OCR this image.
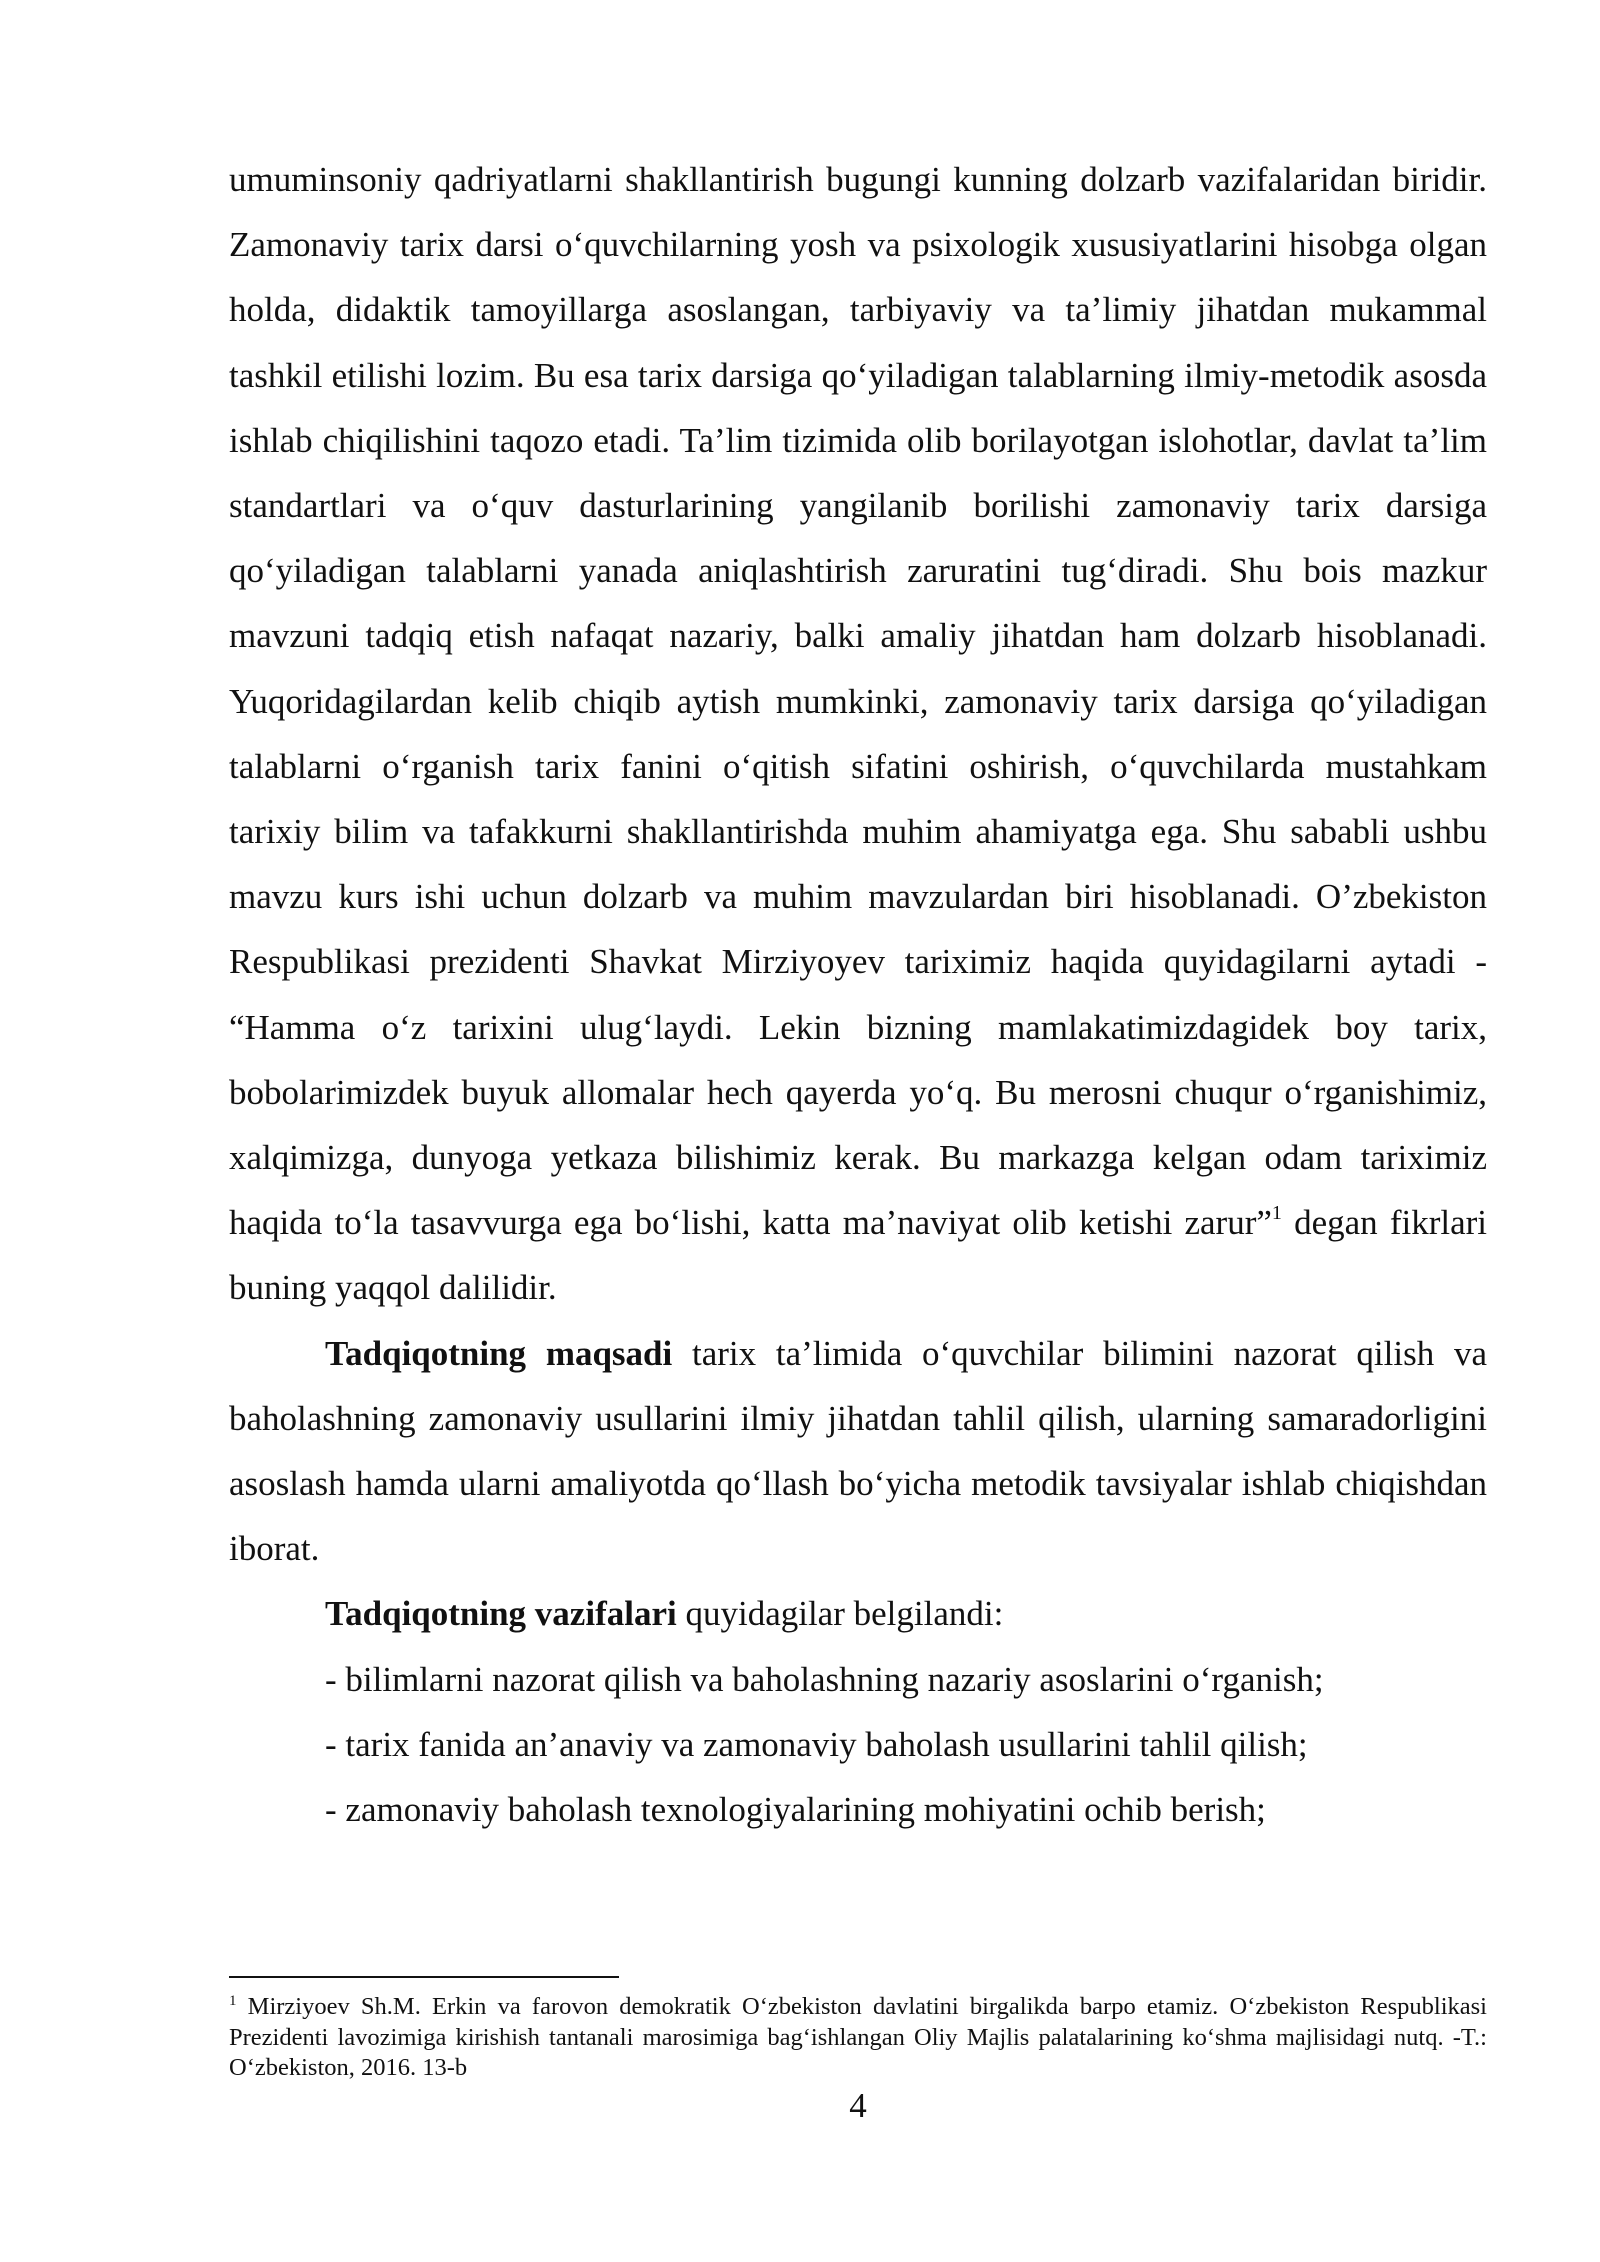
umuminsoniy qadriyatlarni shakllantirish bugungi kunning dolzarb vazifalaridan biridir. Zamonaviy tarix darsi o‘quvchilarning yosh va psixologik xususiyatlarini hisobga olgan holda, didaktik tamoyillarga asoslangan, tarbiyaviy va ta’limiy jihatdan mukammal tashkil etilishi lozim. Bu esa tarix darsiga qo‘yiladigan talablarning ilmiy-metodik asosda ishlab chiqilishini taqozo etadi. Ta’lim tizimida olib borilayotgan islohotlar, davlat ta’lim standartlari va o‘quv dasturlarining yangilanib borilishi zamonaviy tarix darsiga qo‘yiladigan talablarni yanada aniqlashtirish zaruratini tug‘diradi. Shu bois mazkur mavzuni tadqiq etish nafaqat nazariy, balki amaliy jihatdan ham dolzarb hisoblanadi. Yuqoridagilardan kelib chiqib aytish mumkinki, zamonaviy tarix darsiga qo‘yiladigan talablarni o‘rganish tarix fanini o‘qitish sifatini oshirish, o‘quvchilarda mustahkam tarixiy bilim va tafakkurni shakllantirishda muhim ahamiyatga ega. Shu sababli ushbu mavzu kurs ishi uchun dolzarb va muhim mavzulardan biri hisoblanadi. O’zbekiston Respublikasi prezidenti Shavkat Mirziyoyev tariximiz haqida quyidagilarni aytadi - “Hamma o‘z tarixini ulug‘laydi. Lekin bizning mamlakatimizdagidek boy tarix, bobolarimizdek buyuk allomalar hech qayerda yo‘q. Bu merosni chuqur o‘rganishimiz, xalqimizga, dunyoga yetkaza bilishimiz kerak. Bu markazga kelgan odam tariximiz haqida to‘la tasavvurga ega bo‘lishi, katta ma’naviyat olib ketishi zarur”$^1$ degan fikrlari buning yaqqol dalilidir.

Tadqiqotning maqsadi tarix ta’limida o‘quvchilar bilimini nazorat qilish va baholashning zamonaviy usullarini ilmiy jihatdan tahlil qilish, ularning samaradorligini asoslash hamda ularni amaliyotda qo‘llash bo‘yicha metodik tavsiyalar ishlab chiqishdan iborat.

Tadqiqotning vazifalari quyidagilar belgilandi:

- bilimlarni nazorat qilish va baholashning nazariy asoslarini o‘rganish;

- tarix fanida an’anaviy va zamonaviy baholash usullarini tahlil qilish;

- zamonaviy baholash texnologiyalarining mohiyatini ochib berish;

$^1$ Mirziyoev Sh.M. Erkin va farovon demokratik O‘zbekiston davlatini birgalikda barpo etamiz. O‘zbekiston Respublikasi Prezidenti lavozimiga kirishish tantanali marosimiga bag‘ishlangan Oliy Majlis palatalarining ko‘shma majlisidagi nutq. -T.: O‘zbekiston, 2016. 13-b
4
